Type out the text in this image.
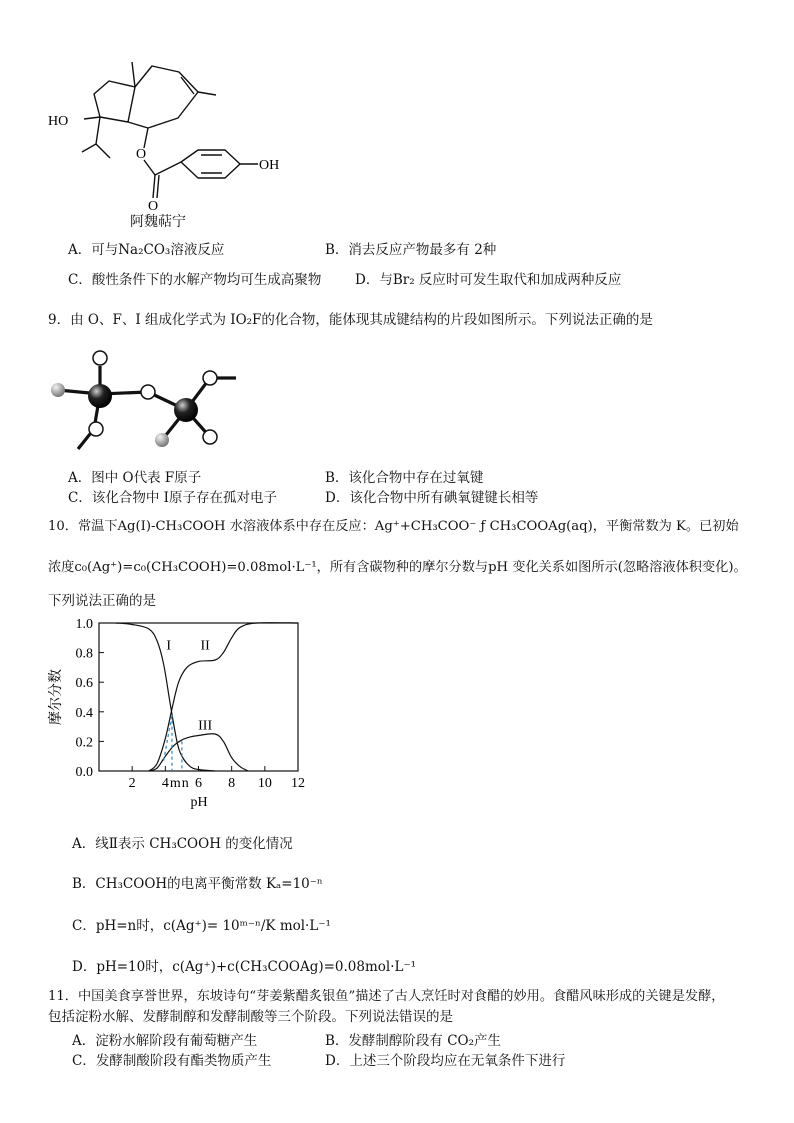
HO
O
O
OH
阿魏萜宁
A．可与Na₂CO₃溶液反应	B．消去反应产物最多有 2种
C．酸性条件下的水解产物均可生成高聚物 D．与Br₂ 反应时可发生取代和加成两种反应
9．由 O、F、I 组成化学式为 IO₂F的化合物，能体现其成键结构的片段如图所示。下列说法正确的是
A．图中 O代表 F原子	B．该化合物中存在过氧键
C．该化合物中 I原子存在孤对电子	D．该化合物中所有碘氧键键长相等
10．常温下Ag(Ⅰ)-CH₃COOH 水溶液体系中存在反应：Ag⁺+CH₃COO⁻ ƒ CH₃COOAg(aq)，平衡常数为 K。已初始
浓度c₀(Ag⁺)=c₀(CH₃COOH)=0.08mol·L⁻¹，所有含碳物种的摩尔分数与pH 变化关系如图所示(忽略溶液体积变化)。
下列说法正确的是
摩尔分数
pH
0.0
0.2
0.4
0.6
0.8
1.0
2 4 6 8 10 12
I II
III
m n
A．线Ⅱ表示 CH₃COOH 的变化情况
B．CH₃COOH的电离平衡常数 Kₐ=10⁻ⁿ
C．pH=n时，c(Ag⁺)= 10ᵐ⁻ⁿ/K mol·L⁻¹
D．pH=10时，c(Ag⁺)+c(CH₃COOAg)=0.08mol·L⁻¹
11．中国美食享誉世界，东坡诗句“芽姜紫醋炙银鱼”描述了古人烹饪时对食醋的妙用。食醋风味形成的关键是发酵，
包括淀粉水解、发酵制醇和发酵制酸等三个阶段。下列说法错误的是
A．淀粉水解阶段有葡萄糖产生	B．发酵制醇阶段有 CO₂产生
C．发酵制酸阶段有酯类物质产生	D．上述三个阶段均应在无氧条件下进行
